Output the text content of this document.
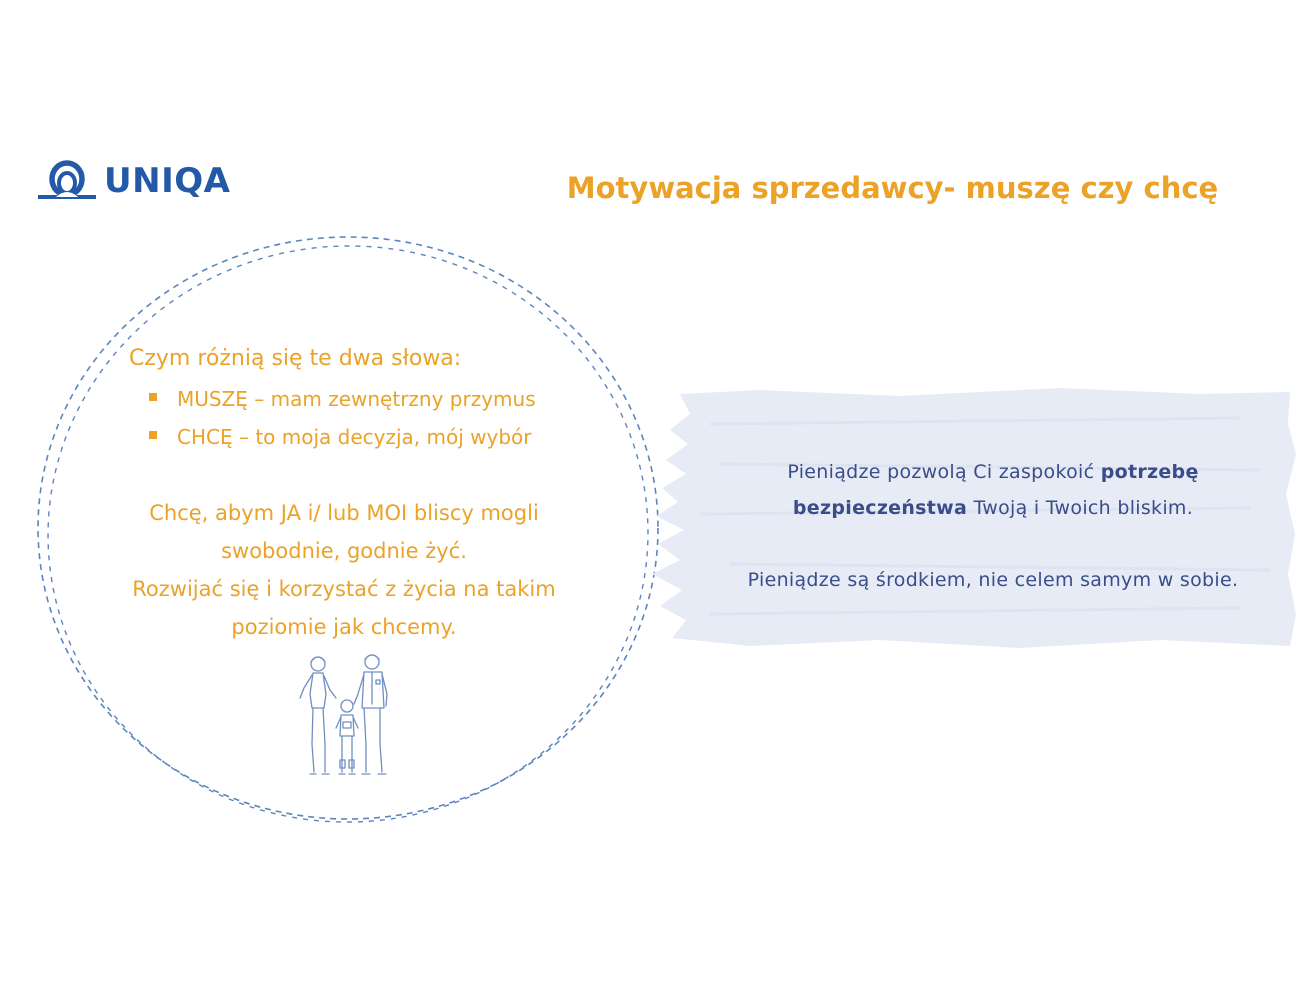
UNIQA	Motywacja sprzedawcy- muszę czy chcę
Czym różnią się te dwa słowa:
MUSZĘ – mam zewnętrzny przymus
CHCĘ – to moja decyzja, mój wybór
Chcę, abym JA i/ lub MOI bliscy mogli
swobodnie, godnie żyć.
Rozwijać się i korzystać z życia na takim
poziomie jak chcemy.
Pieniądze pozwolą Ci zaspokoić potrzebę
bezpieczeństwa Twoją i Twoich bliskim.
Pieniądze są środkiem, nie celem samym w sobie.
